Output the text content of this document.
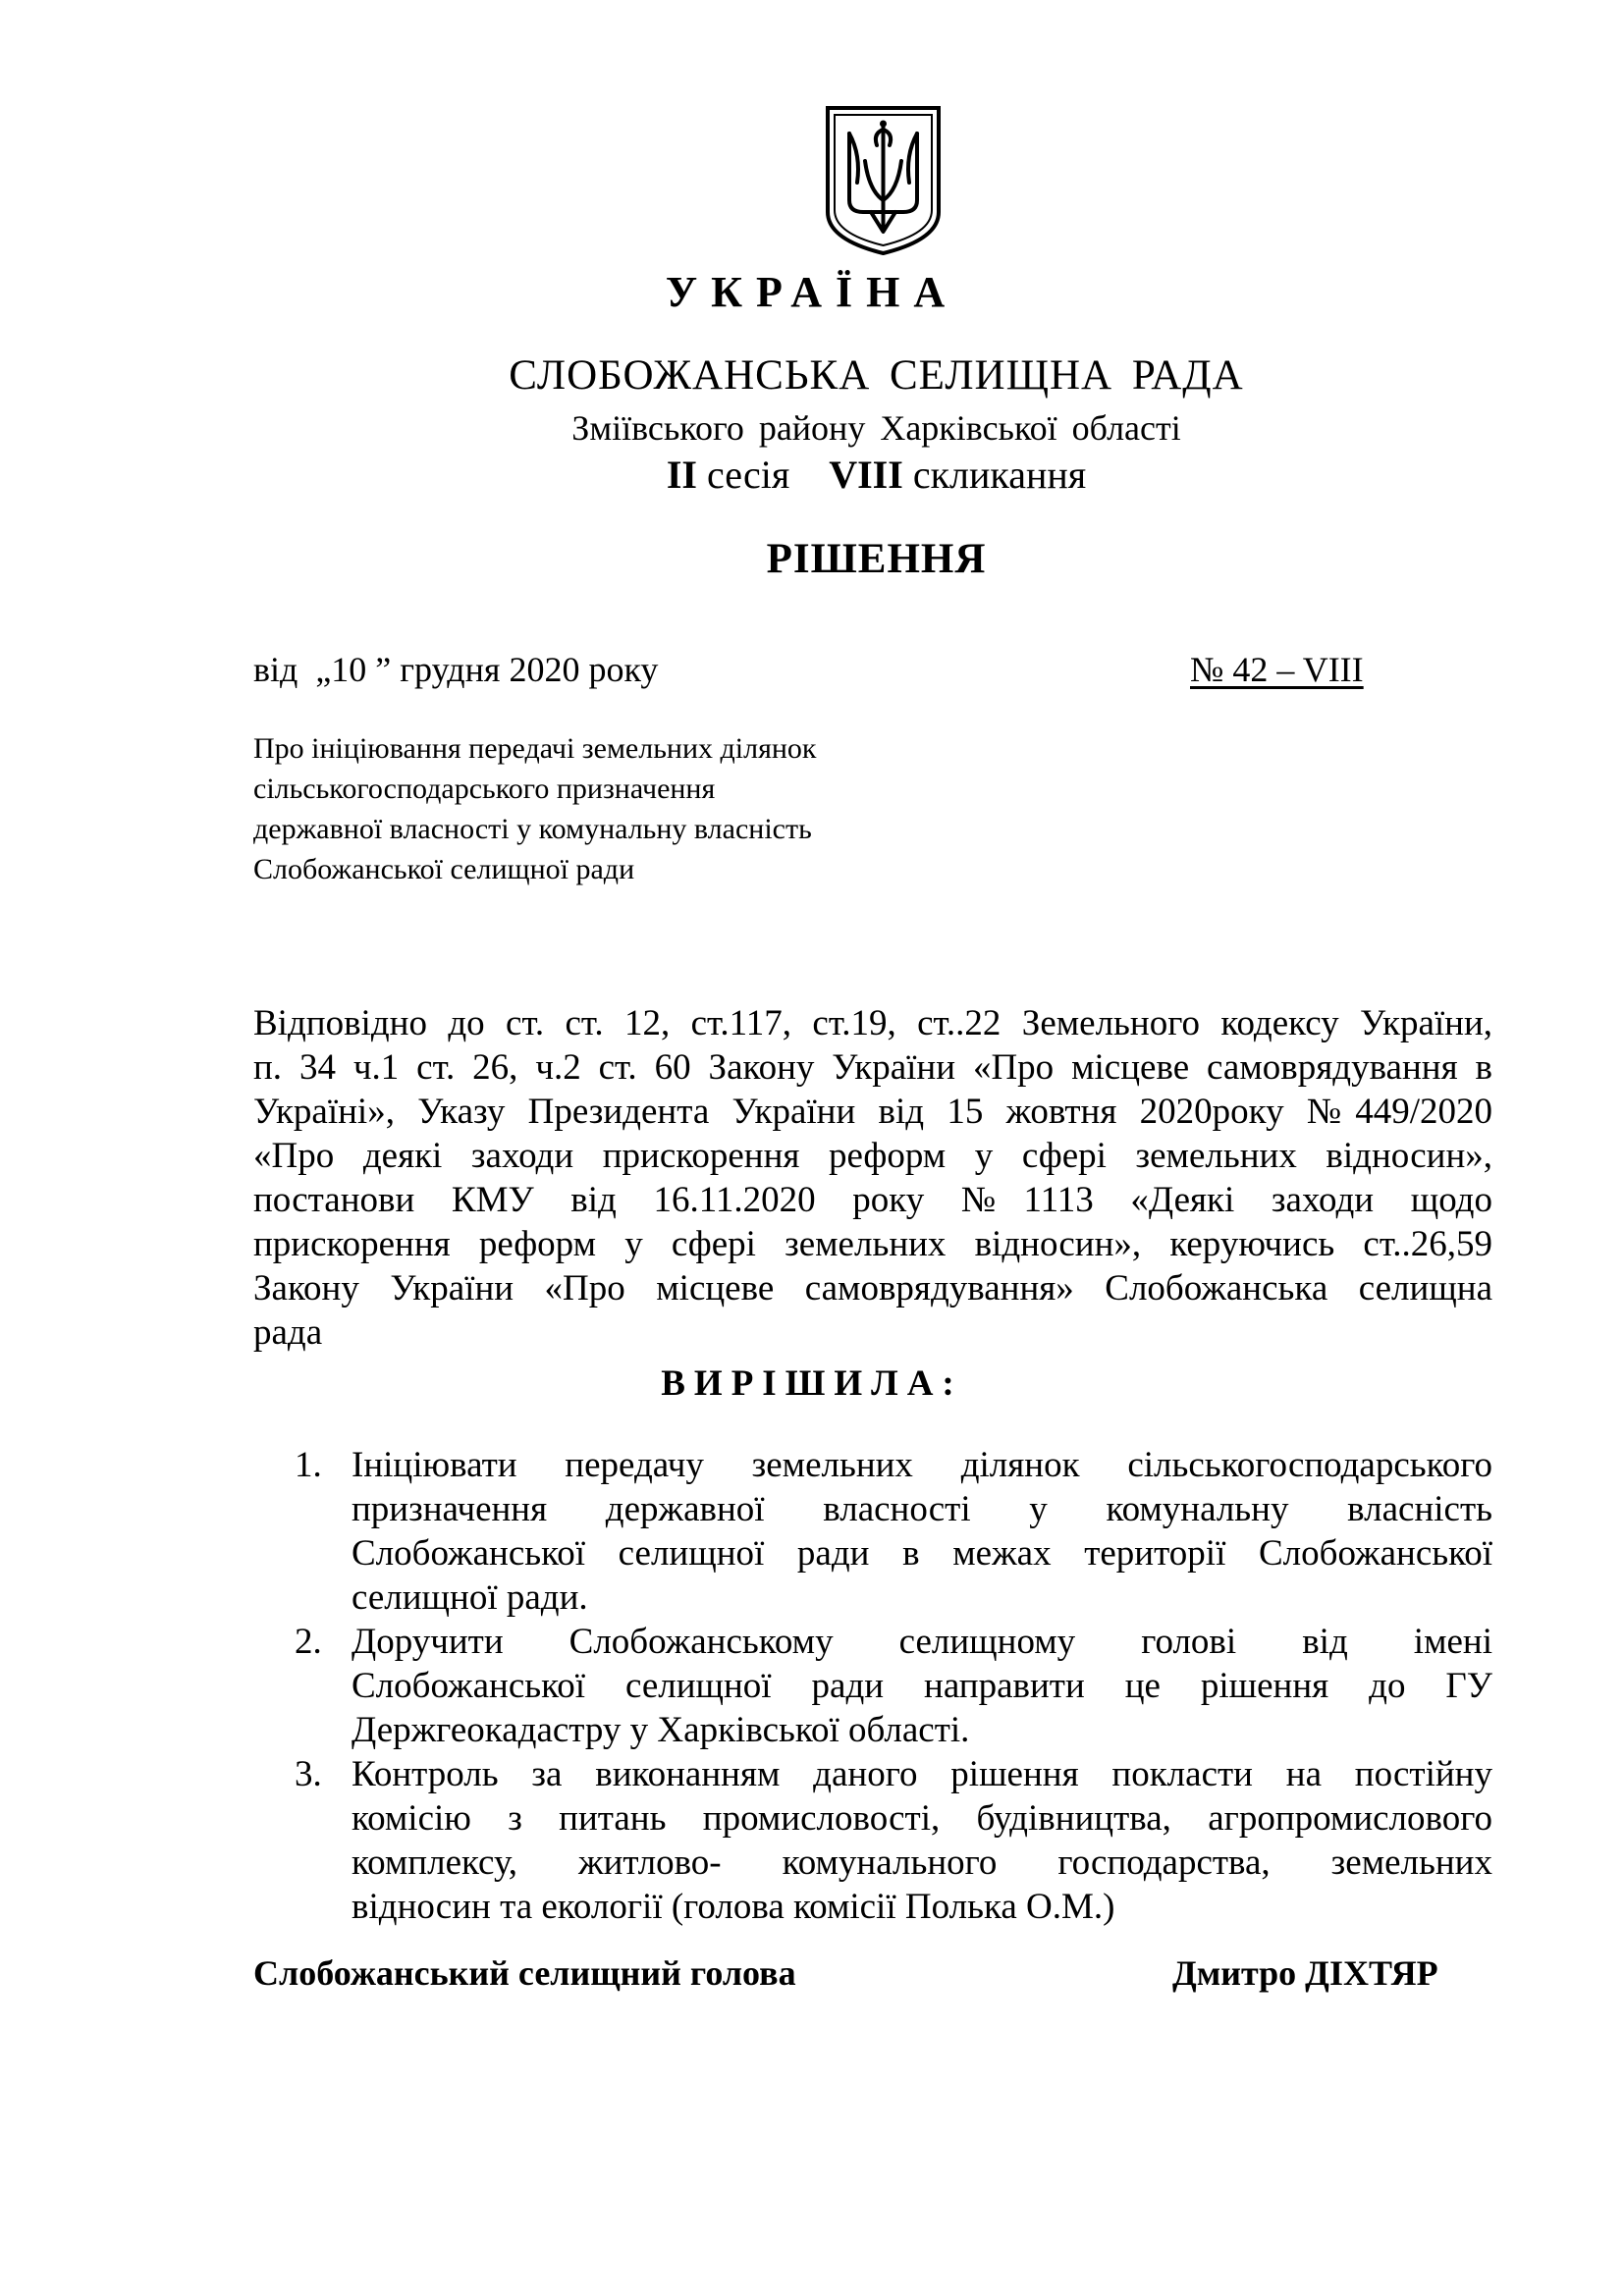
УКРАЇНА
СЛОБОЖАНСЬКА СЕЛИЩНА РАДА
Зміївського району Харківської області
ІІ сесія    VІІІ скликання
РІШЕННЯ
від  „10 ” грудня 2020 року	№ 42 – VІІІ
Про ініціювання передачі земельних ділянок
сільськогосподарського призначення
державної власності у комунальну власність
Слобожанської селищної ради
Відповідно до ст. ст. 12, ст.117, ст.19, ст..22 Земельного кодексу України,
п. 34 ч.1 ст. 26, ч.2 ст. 60 Закону України «Про місцеве самоврядування в
Україні», Указу Президента України від 15 жовтня 2020року №449/2020
«Про деякі заходи прискорення реформ у сфері земельних відносин»,
постанови КМУ від 16.11.2020 року №1113 «Деякі заходи щодо
прискорення реформ у сфері земельних відносин», керуючись ст..26,59
Закону України «Про місцеве самоврядування» Слобожанська селищна
рада
ВИРІШИЛА:
1. Ініціювати передачу земельних ділянок сільськогосподарського
призначення державної власності у комунальну власність
Слобожанської селищної ради в межах території Слобожанської
селищної ради.
2. Доручити Слобожанському селищному голові від імені
Слобожанської селищної ради направити це рішення до ГУ
Держгеокадастру у Харківської області.
3. Контроль за виконанням даного рішення покласти на постійну
комісію з питань промисловості, будівництва, агропромислового
комплексу, житлово- комунального господарства, земельних
відносин та екології (голова комісії Полька О.М.)
Слобожанський селищний голова	Дмитро ДІХТЯР
